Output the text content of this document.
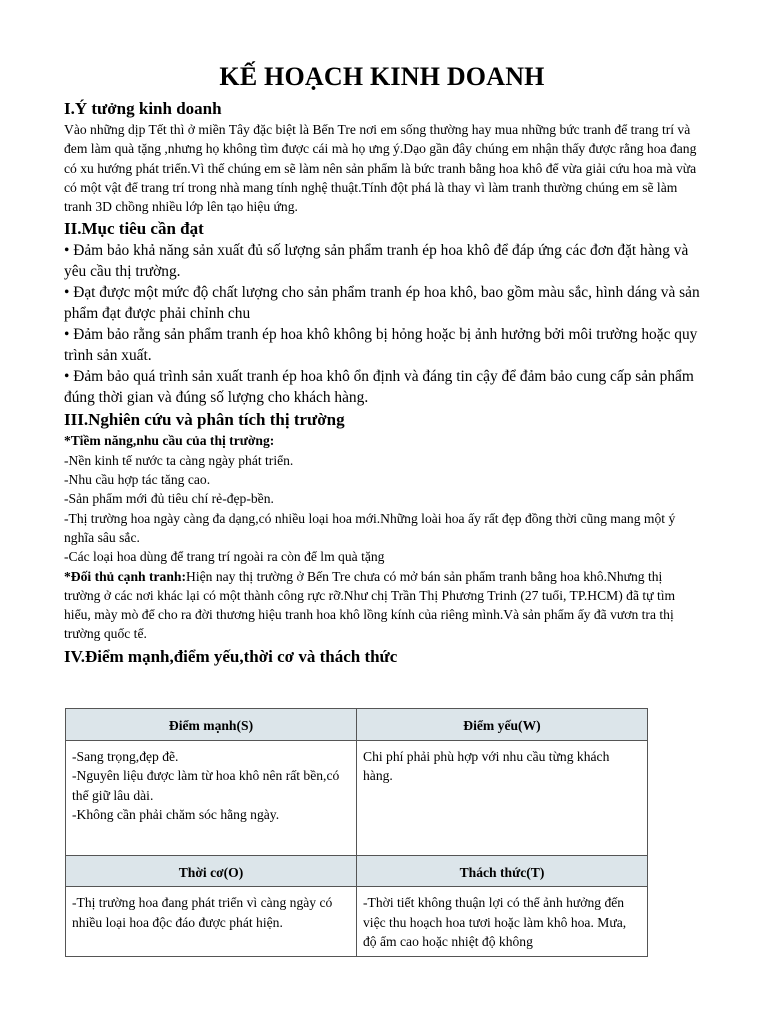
KẾ HOẠCH KINH DOANH
I.Ý tưởng kinh doanh

Vào những dịp Tết thì ở miền Tây đặc biệt là Bến Tre nơi em sống thường hay mua những bức tranh để trang trí và đem làm quà tặng ,nhưng họ không tìm được cái mà họ ưng ý.Dạo gần đây chúng em nhận thấy được rằng hoa đang có xu hướng phát triển.Vì thế chúng em sẽ làm nên sản phẩm là bức tranh bằng hoa khô để vừa giải cứu hoa mà vừa có một vật để trang trí trong nhà mang tính nghệ thuật.Tính đột phá là thay vì làm tranh thường chúng em sẽ làm tranh 3D chồng nhiều lớp lên tạo hiệu ứng.

II.Mục tiêu cần đạt

• Đảm bảo khả năng sản xuất đủ số lượng sản phẩm tranh ép hoa khô để đáp ứng các đơn đặt hàng và yêu cầu thị trường.

• Đạt được một mức độ chất lượng cho sản phẩm tranh ép hoa khô, bao gồm màu sắc, hình dáng và sản phẩm đạt được phải chỉnh chu

• Đảm bảo rằng sản phẩm tranh ép hoa khô không bị hỏng hoặc bị ảnh hưởng bởi môi trường hoặc quy trình sản xuất.

• Đảm bảo quá trình sản xuất tranh ép hoa khô ổn định và đáng tin cậy để đảm bảo cung cấp sản phẩm đúng thời gian và đúng số lượng cho khách hàng.

III.Nghiên cứu và phân tích thị trường

*Tiềm năng,nhu cầu của thị trường:

-Nền kinh tế nước ta càng ngày phát triển.

-Nhu cầu hợp tác tăng cao.

-Sản phẩm mới đủ tiêu chí rẻ-đẹp-bền.

-Thị trường hoa ngày càng đa dạng,có nhiều loại hoa mới.Những loài hoa ấy rất đẹp đồng thời cũng mang một ý nghĩa sâu sắc.

-Các loại hoa dùng để trang trí ngoài ra còn để lm quà tặng

*Đối thủ cạnh tranh:Hiện nay thị trường ở Bến Tre chưa có mở bán sản phẩm tranh bằng hoa khô.Nhưng thị trường ở các nơi khác lại có một thành công rực rỡ.Như chị Trần Thị Phương Trinh (27 tuổi, TP.HCM) đã tự tìm hiểu, mày mò để cho ra đời thương hiệu tranh hoa khô lồng kính của riêng mình.Và sản phẩm ấy đã vươn tra thị trường quốc tế.

IV.Điểm mạnh,điểm yếu,thời cơ và thách thức
Điểm mạnh(S)	Điểm yếu(W)

-Sang trọng,đẹp đẽ.
-Nguyên liệu được làm từ hoa khô nên rất bền,có thể giữ lâu dài.
-Không cần phải chăm sóc hằng ngày.	Chi phí phải phù hợp với nhu cầu từng khách hàng.
Thời cơ(O)	Thách thức(T)
-Thị trường hoa đang phát triển vì càng ngày có nhiều loại hoa độc đáo được phát hiện.	-Thời tiết không thuận lợi có thể ảnh hưởng đến việc thu hoạch hoa tươi hoặc làm khô hoa. Mưa, độ ẩm cao hoặc nhiệt độ không
